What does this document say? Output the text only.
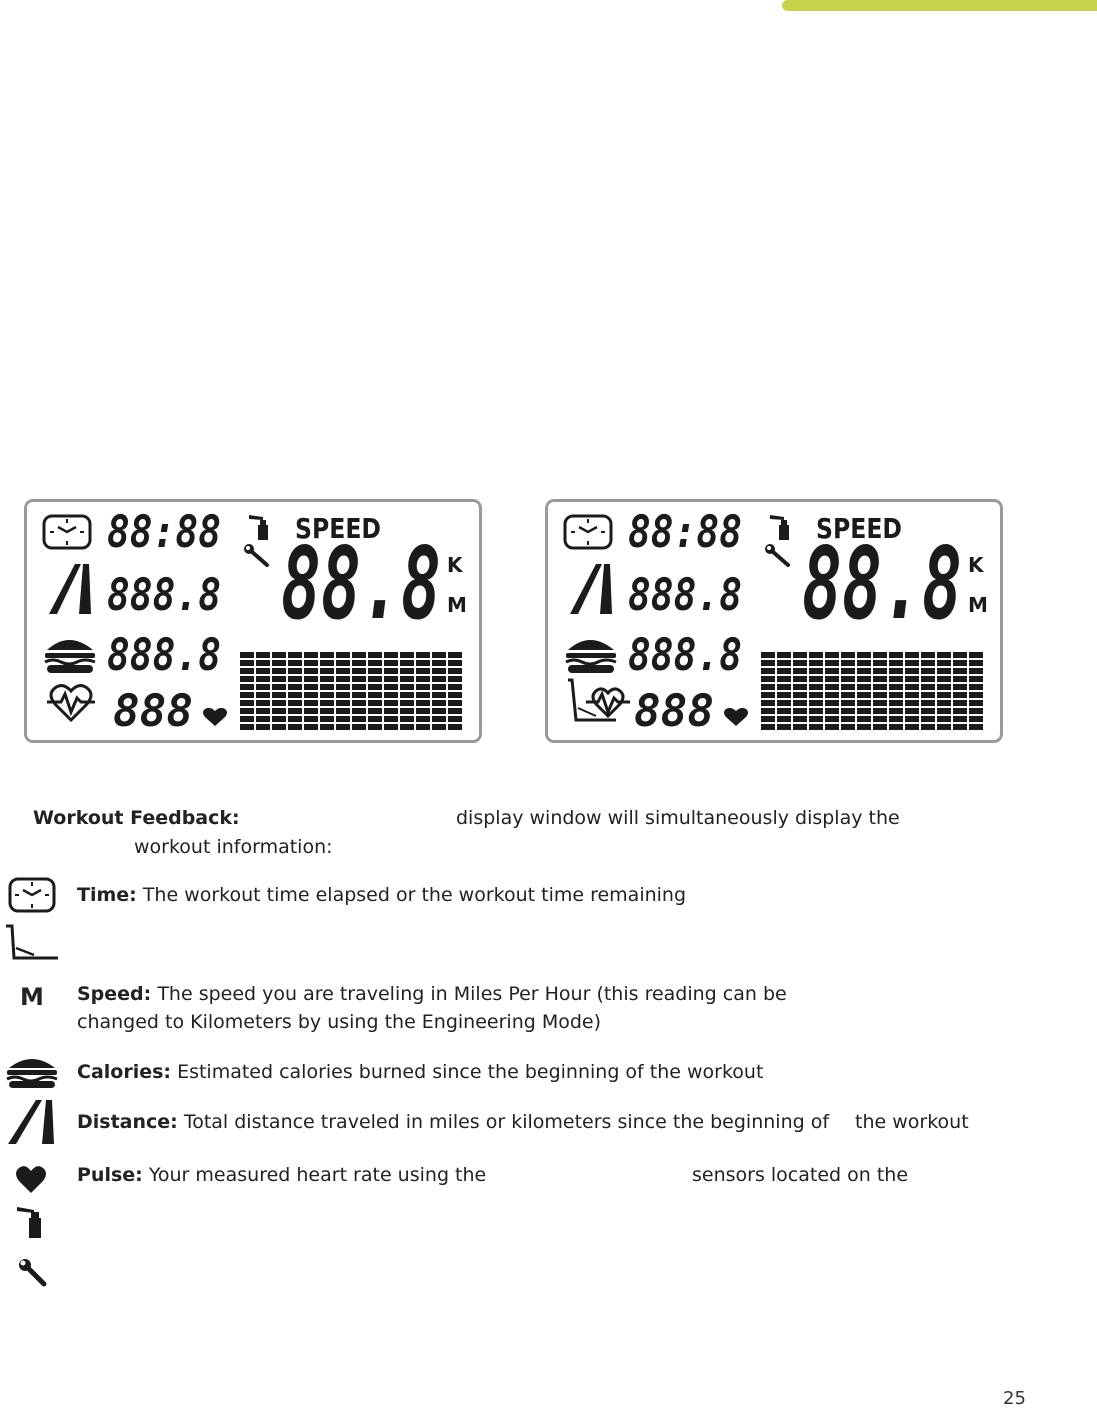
88:88
888.8
888.8
888
SPEED
88.8 K
M
88:88
888.8
888.8
888
SPEED
88.8 K
M
Workout Feedback:	display window will simultaneously display the
workout information:
Time: The workout time elapsed or the workout time remaining
M Speed: The speed you are traveling in Miles Per Hour (this reading can be
changed to Kilometers by using the Engineering Mode)
Calories: Estimated calories burned since the beginning of the workout
Distance: Total distance traveled in miles or kilometers since the beginning of the workout
Pulse: Your measured heart rate using the	sensors located on the
25
